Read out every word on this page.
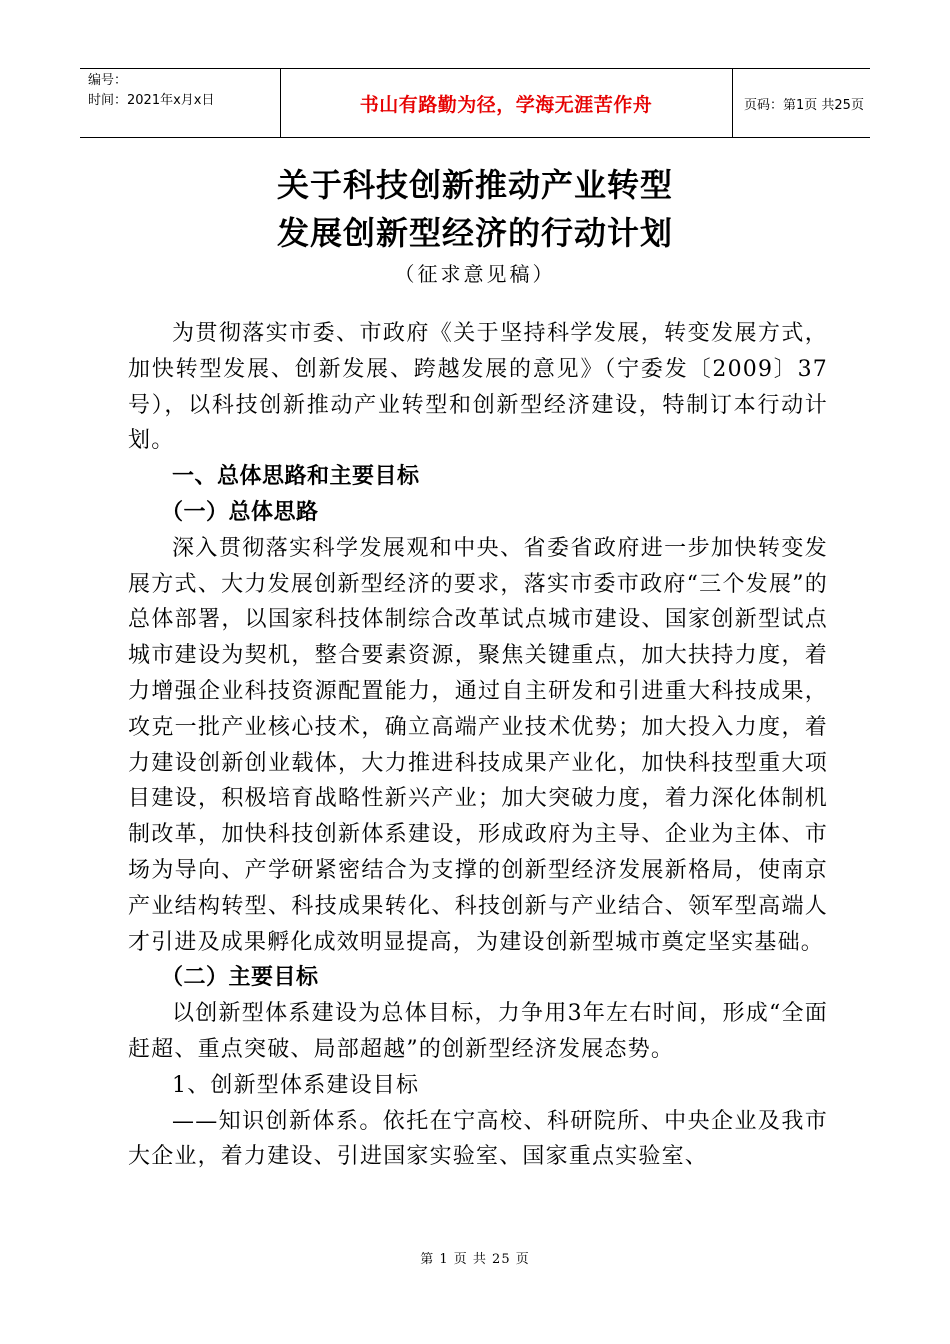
编号：
时间：2021年x月x日	书山有路勤为径，学海无涯苦作舟	页码：第1页 共25页
关于科技创新推动产业转型
发展创新型经济的行动计划
（征求意见稿）

为贯彻落实市委、市政府《关于坚持科学发展，转变发展方式，加快转型发展、创新发展、跨越发展的意见》（宁委发〔2009〕37号），以科技创新推动产业转型和创新型经济建设，特制订本行动计划。

一、总体思路和主要目标

（一）总体思路

深入贯彻落实科学发展观和中央、省委省政府进一步加快转变发展方式、大力发展创新型经济的要求，落实市委市政府“三个发展”的总体部署，以国家科技体制综合改革试点城市建设、国家创新型试点城市建设为契机，整合要素资源，聚焦关键重点，加大扶持力度，着力增强企业科技资源配置能力，通过自主研发和引进重大科技成果，攻克一批产业核心技术，确立高端产业技术优势；加大投入力度，着力建设创新创业载体，大力推进科技成果产业化，加快科技型重大项目建设，积极培育战略性新兴产业；加大突破力度，着力深化体制机制改革，加快科技创新体系建设，形成政府为主导、企业为主体、市场为导向、产学研紧密结合为支撑的创新型经济发展新格局，使南京产业结构转型、科技成果转化、科技创新与产业结合、领军型高端人才引进及成果孵化成效明显提高，为建设创新型城市奠定坚实基础。

（二）主要目标

以创新型体系建设为总体目标，力争用3年左右时间，形成“全面赶超、重点突破、局部超越”的创新型经济发展态势。

1、创新型体系建设目标

——知识创新体系。依托在宁高校、科研院所、中央企业及我市大企业，着力建设、引进国家实验室、国家重点实验室、

第 1 页 共 25 页
